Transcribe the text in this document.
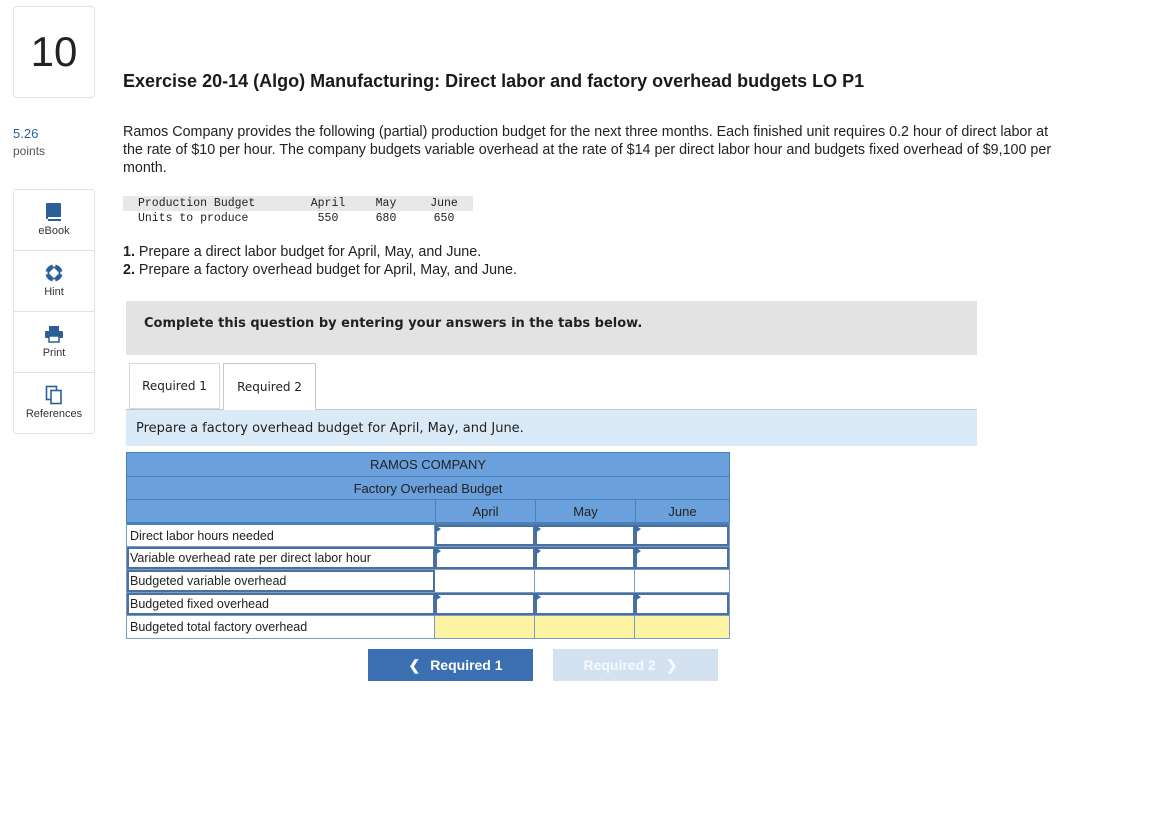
10
5.26
points
eBook
Hint
Print
References
Exercise 20-14 (Algo) Manufacturing: Direct labor and factory overhead budgets LO P1
Ramos Company provides the following (partial) production budget for the next three months. Each finished unit requires 0.2 hour of direct labor at the rate of $10 per hour. The company budgets variable overhead at the rate of $14 per direct labor hour and budgets fixed overhead of $9,100 per month.
Production Budget	April	May	June
Units to produce	550	680	650
1. Prepare a direct labor budget for April, May, and June.
2. Prepare a factory overhead budget for April, May, and June.
Complete this question by entering your answers in the tabs below.
Required 1	Required 2
Prepare a factory overhead budget for April, May, and June.
RAMOS COMPANY
Factory Overhead Budget
April	May	June
Direct labor hours needed
Variable overhead rate per direct labor hour
Budgeted variable overhead
Budgeted fixed overhead
Budgeted total factory overhead
❮ Required 1	Required 2 ❯
